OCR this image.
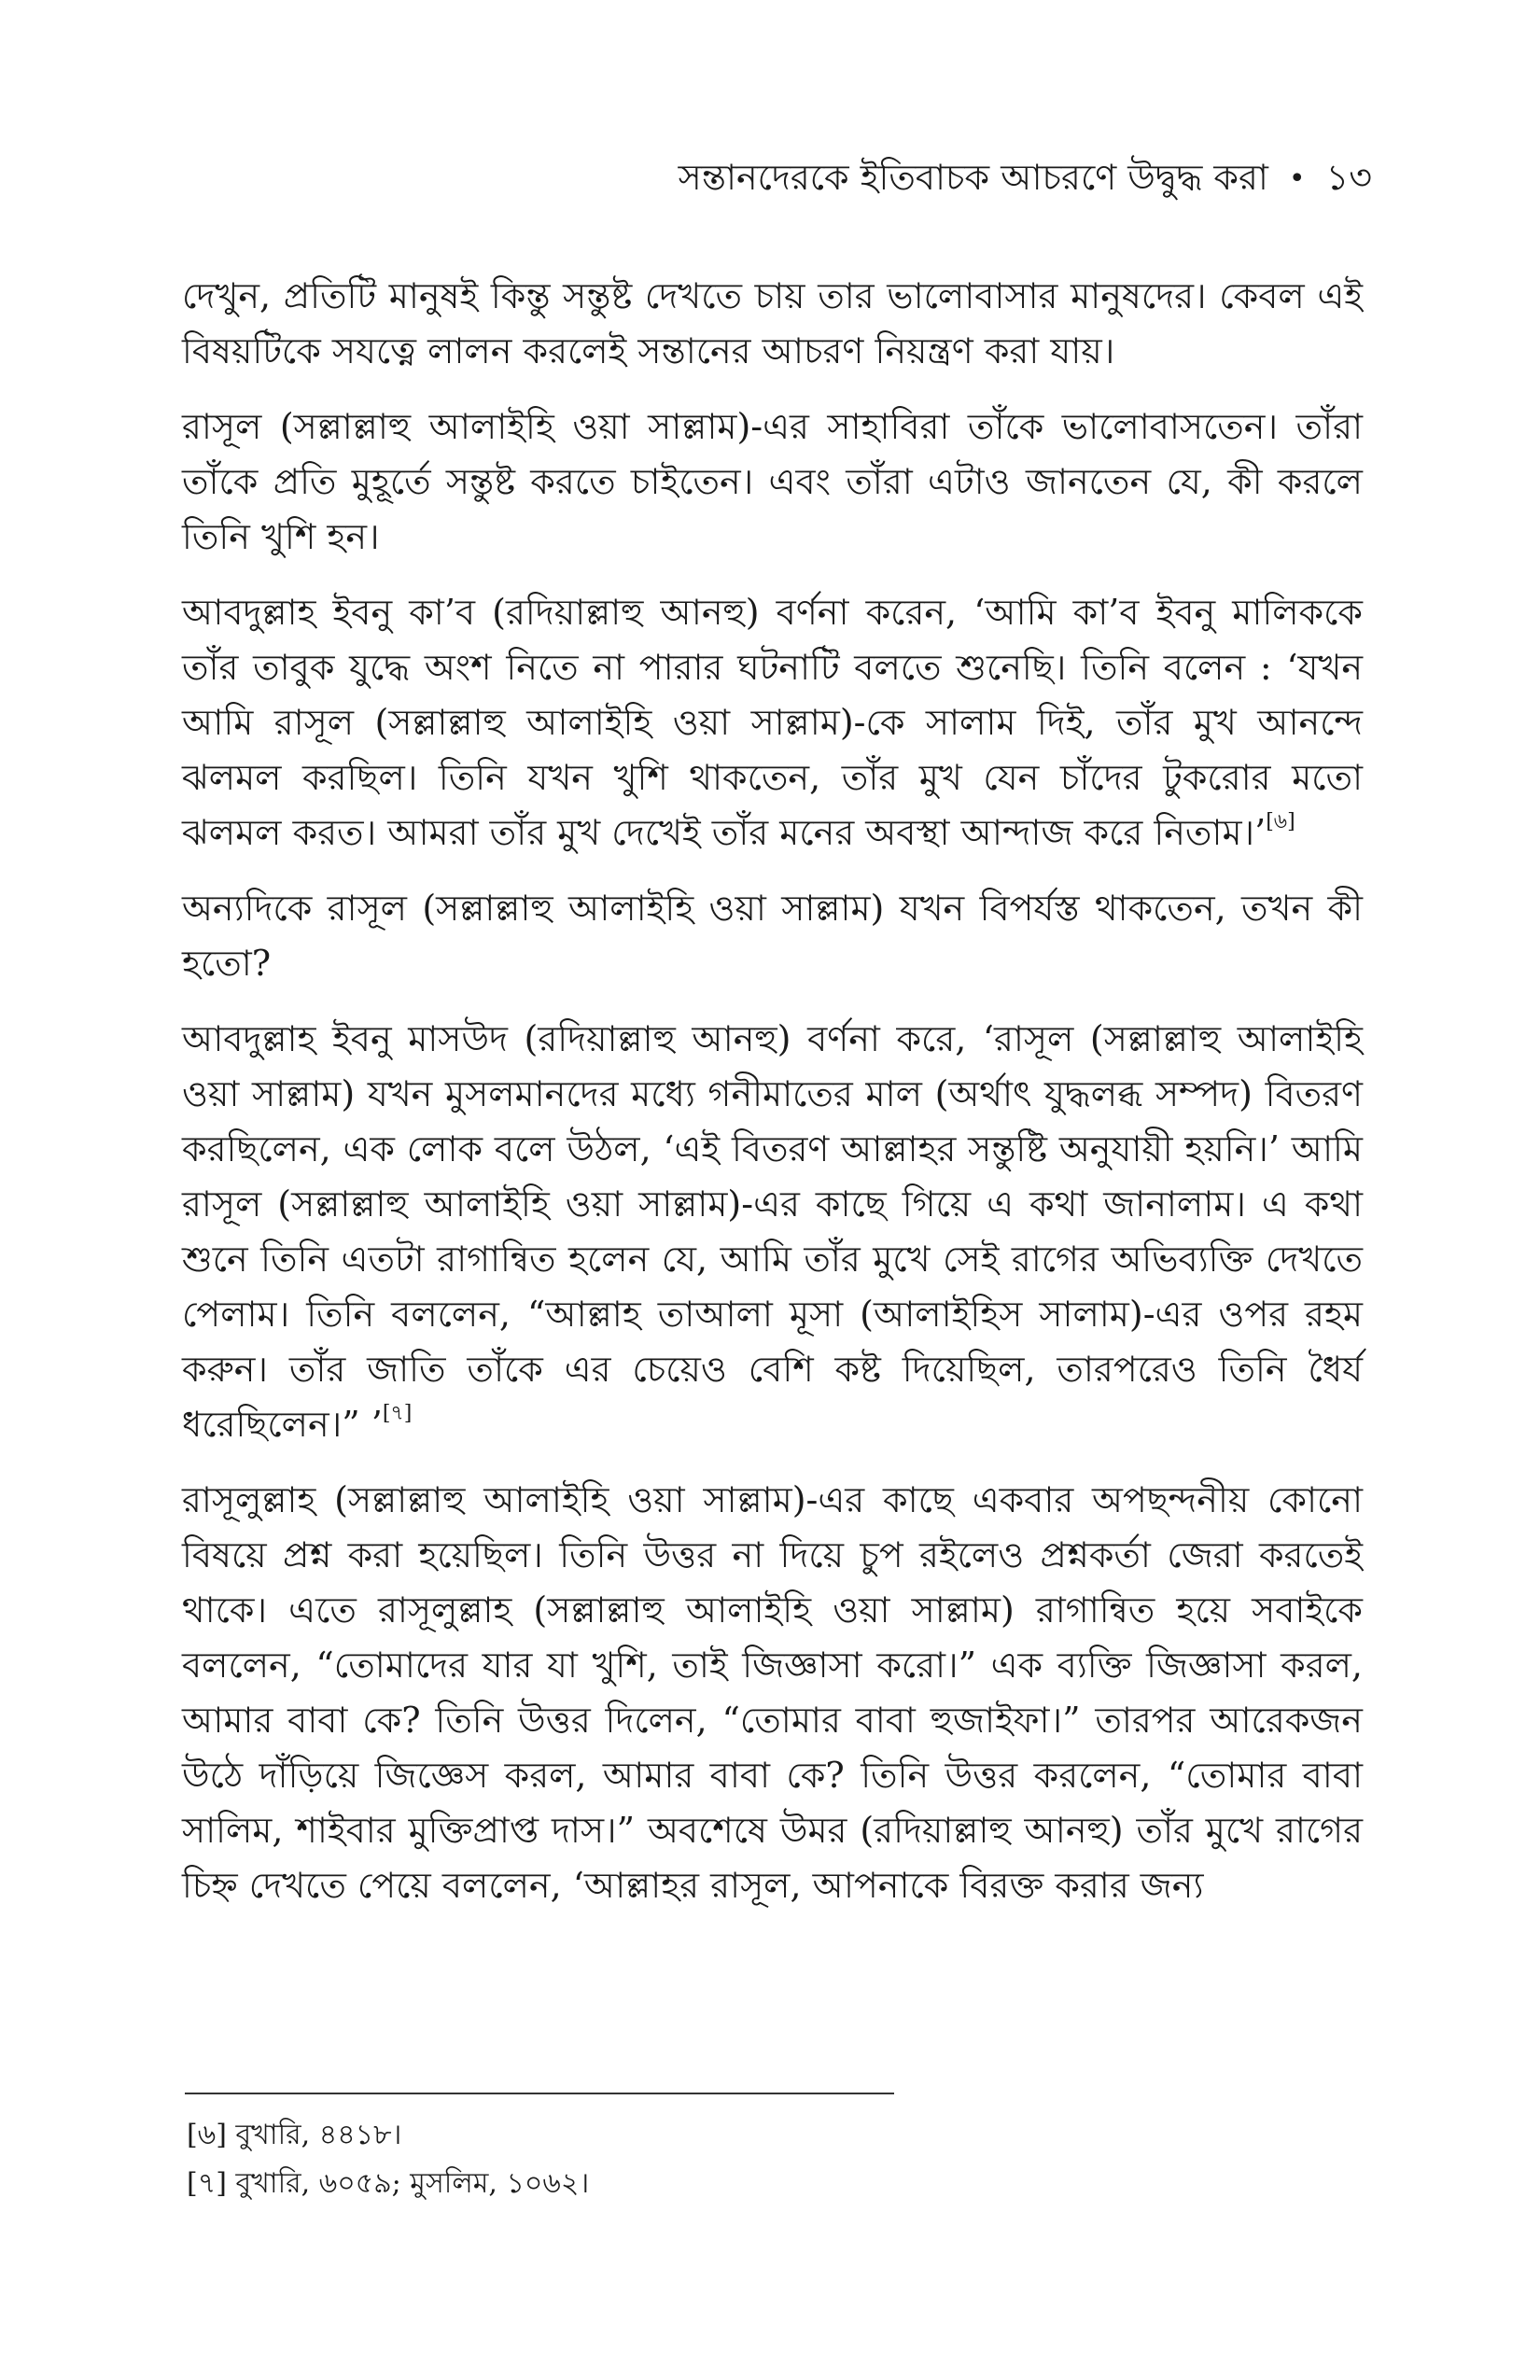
সন্তানদেরকে ইতিবাচক আচরণে উদ্বুদ্ধ করা • ১৩

দেখুন, প্রতিটি মানুষই কিন্তু সন্তুষ্ট দেখতে চায় তার ভালোবাসার মানুষদের। কেবল এই বিষয়টিকে সযত্নে লালন করলেই সন্তানের আচরণ নিয়ন্ত্রণ করা যায়।

রাসূল (সল্লাল্লাহু আলাইহি ওয়া সাল্লাম)-এর সাহাবিরা তাঁকে ভালোবাসতেন। তাঁরা তাঁকে প্রতি মুহূর্তে সন্তুষ্ট করতে চাইতেন। এবং তাঁরা এটাও জানতেন যে, কী করলে তিনি খুশি হন।

আবদুল্লাহ ইবনু কা’ব (রদিয়াল্লাহু আনহু) বর্ণনা করেন, ‘আমি কা’ব ইবনু মালিককে তাঁর তাবুক যুদ্ধে অংশ নিতে না পারার ঘটনাটি বলতে শুনেছি। তিনি বলেন : ‘যখন আমি রাসূল (সল্লাল্লাহু আলাইহি ওয়া সাল্লাম)-কে সালাম দিই, তাঁর মুখ আনন্দে ঝলমল করছিল। তিনি যখন খুশি থাকতেন, তাঁর মুখ যেন চাঁদের টুকরোর মতো ঝলমল করত। আমরা তাঁর মুখ দেখেই তাঁর মনের অবস্থা আন্দাজ করে নিতাম।’[৬]

অন্যদিকে রাসূল (সল্লাল্লাহু আলাইহি ওয়া সাল্লাম) যখন বিপর্যস্ত থাকতেন, তখন কী হতো?

আবদুল্লাহ ইবনু মাসউদ (রদিয়াল্লাহু আনহু) বর্ণনা করে, ‘রাসূল (সল্লাল্লাহু আলাইহি ওয়া সাল্লাম) যখন মুসলমানদের মধ্যে গনীমাতের মাল (অর্থাৎ যুদ্ধলব্ধ সম্পদ) বিতরণ করছিলেন, এক লোক বলে উঠল, ‘এই বিতরণ আল্লাহর সন্তুষ্টি অনুযায়ী হয়নি।’ আমি রাসূল (সল্লাল্লাহু আলাইহি ওয়া সাল্লাম)-এর কাছে গিয়ে এ কথা জানালাম। এ কথা শুনে তিনি এতটা রাগান্বিত হলেন যে, আমি তাঁর মুখে সেই রাগের অভিব্যক্তি দেখতে পেলাম। তিনি বললেন, “আল্লাহ তাআলা মূসা (আলাইহিস সালাম)-এর ওপর রহম করুন। তাঁর জাতি তাঁকে এর চেয়েও বেশি কষ্ট দিয়েছিল, তারপরেও তিনি ধৈর্য ধরেছিলেন।” ’[৭]

রাসূলুল্লাহ (সল্লাল্লাহু আলাইহি ওয়া সাল্লাম)-এর কাছে একবার অপছন্দনীয় কোনো বিষয়ে প্রশ্ন করা হয়েছিল। তিনি উত্তর না দিয়ে চুপ রইলেও প্রশ্নকর্তা জেরা করতেই থাকে। এতে রাসূলুল্লাহ (সল্লাল্লাহু আলাইহি ওয়া সাল্লাম) রাগান্বিত হয়ে সবাইকে বললেন, “তোমাদের যার যা খুশি, তাই জিজ্ঞাসা করো।” এক ব্যক্তি জিজ্ঞাসা করল, আমার বাবা কে? তিনি উত্তর দিলেন, “তোমার বাবা হুজাইফা।” তারপর আরেকজন উঠে দাঁড়িয়ে জিজ্ঞেস করল, আমার বাবা কে? তিনি উত্তর করলেন, “তোমার বাবা সালিম, শাইবার মুক্তিপ্রাপ্ত দাস।” অবশেষে উমর (রদিয়াল্লাহু আনহু) তাঁর মুখে রাগের চিহ্ন দেখতে পেয়ে বললেন, ‘আল্লাহর রাসূল, আপনাকে বিরক্ত করার জন্য

[৬] বুখারি, ৪৪১৮।
[৭] বুখারি, ৬০৫৯; মুসলিম, ১০৬২।
